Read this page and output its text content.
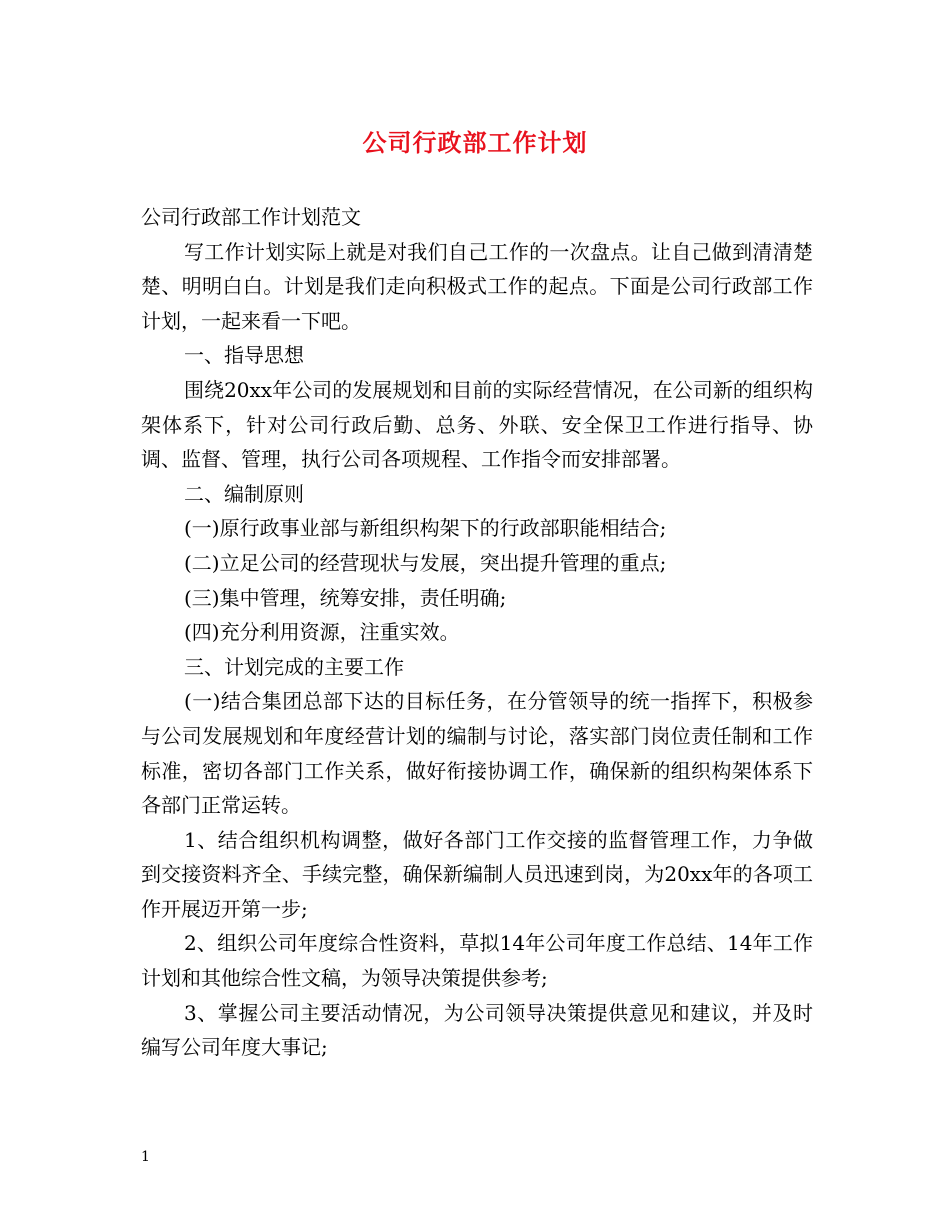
公司行政部工作计划

公司行政部工作计划范文

写工作计划实际上就是对我们自己工作的一次盘点。让自己做到清清楚楚、明明白白。计划是我们走向积极式工作的起点。下面是公司行政部工作计划，一起来看一下吧。

一、指导思想

围绕20xx年公司的发展规划和目前的实际经营情况，在公司新的组织构架体系下，针对公司行政后勤、总务、外联、安全保卫工作进行指导、协调、监督、管理，执行公司各项规程、工作指令而安排部署。

二、编制原则

(一)原行政事业部与新组织构架下的行政部职能相结合;

(二)立足公司的经营现状与发展，突出提升管理的重点;

(三)集中管理，统筹安排，责任明确;

(四)充分利用资源，注重实效。

三、计划完成的主要工作

(一)结合集团总部下达的目标任务，在分管领导的统一指挥下，积极参与公司发展规划和年度经营计划的编制与讨论，落实部门岗位责任制和工作标准，密切各部门工作关系，做好衔接协调工作，确保新的组织构架体系下各部门正常运转。

1、结合组织机构调整，做好各部门工作交接的监督管理工作，力争做到交接资料齐全、手续完整，确保新编制人员迅速到岗，为20xx年的各项工作开展迈开第一步;

2、组织公司年度综合性资料，草拟14年公司年度工作总结、14年工作计划和其他综合性文稿，为领导决策提供参考;

3、掌握公司主要活动情况，为公司领导决策提供意见和建议，并及时编写公司年度大事记;

1
